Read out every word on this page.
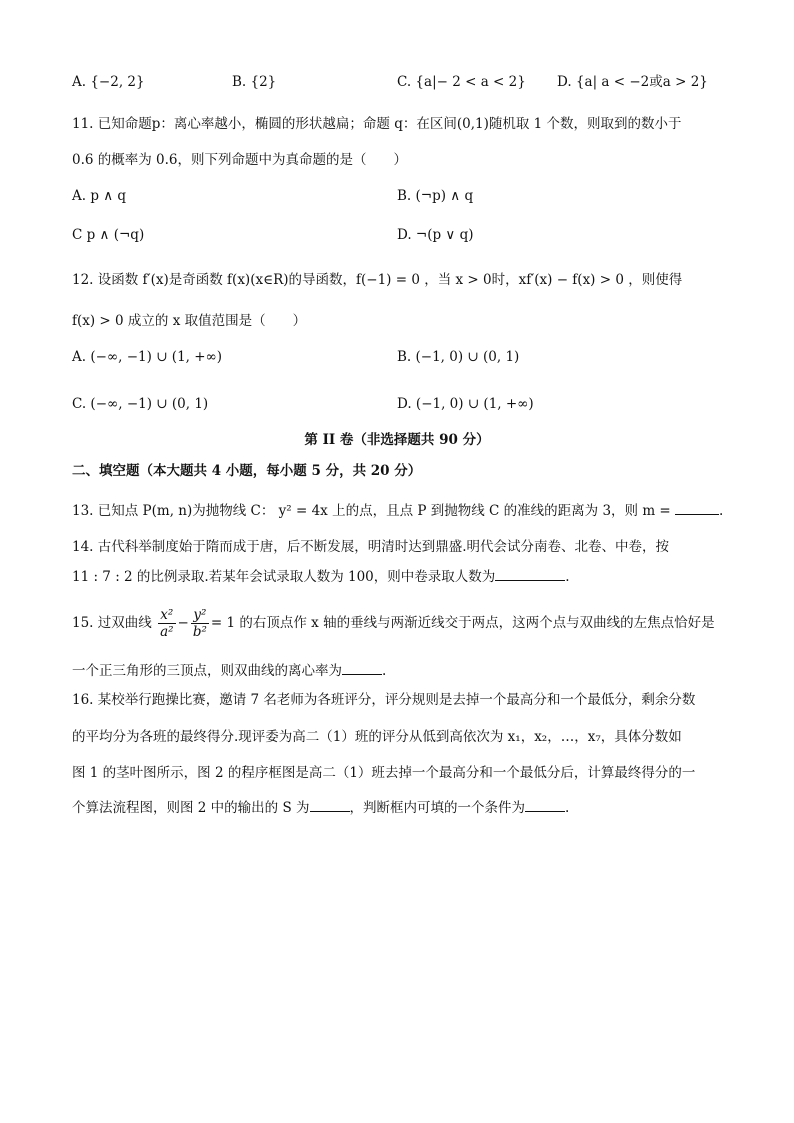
A. {−2, 2}	B. {2}	C. {a|− 2 < a < 2} D. {a| a < −2或a > 2}
11. 已知命题p：离心率越小，椭圆的形状越扁；命题 q：在区间(0,1)随机取 1 个数，则取到的数小于
0.6 的概率为 0.6，则下列命题中为真命题的是（　　）
A. p ∧ q	B. (¬p) ∧ q
C p ∧ (¬q)	D. ¬(p ∨ q)
12. 设函数 f′(x)是奇函数 f(x)(x∈R)的导函数，f(−1) = 0 ，当 x > 0时，xf′(x) − f(x) > 0 ，则使得
f(x) > 0 成立的 x 取值范围是（　　）
A. (−∞, −1) ∪ (1, +∞)	B. (−1, 0) ∪ (0, 1)
C. (−∞, −1) ∪ (0, 1)	D. (−1, 0) ∪ (1, +∞)
第 II 卷（非选择题共 90 分）
二、填空题（本大题共 4 小题，每小题 5 分，共 20 分）
13. 已知点 P(m, n)为抛物线 C： y² = 4x 上的点，且点 P 到抛物线 C 的准线的距离为 3，则 m =	.
14. 古代科举制度始于隋而成于唐，后不断发展，明清时达到鼎盛.明代会试分南卷、北卷、中卷，按
11 : 7 : 2 的比例录取.若某年会试录取人数为 100，则中卷录取人数为	.
15. 过双曲线 $\frac{\text{x²}}{\text{a²}} - \frac{\text{y²}}{\text{b²}} = 1$ 的右顶点作 x 轴的垂线与两渐近线交于两点，这两个点与双曲线的左焦点恰好是
一个正三角形的三顶点，则双曲线的离心率为	.
16. 某校举行跑操比赛，邀请 7 名老师为各班评分，评分规则是去掉一个最高分和一个最低分，剩余分数
的平均分为各班的最终得分.现评委为高二（1）班的评分从低到高依次为 x₁，x₂，…，x₇，具体分数如
图 1 的茎叶图所示，图 2 的程序框图是高二（1）班去掉一个最高分和一个最低分后，计算最终得分的一
个算法流程图，则图 2 中的输出的 S 为	，判断框内可填的一个条件为	.
